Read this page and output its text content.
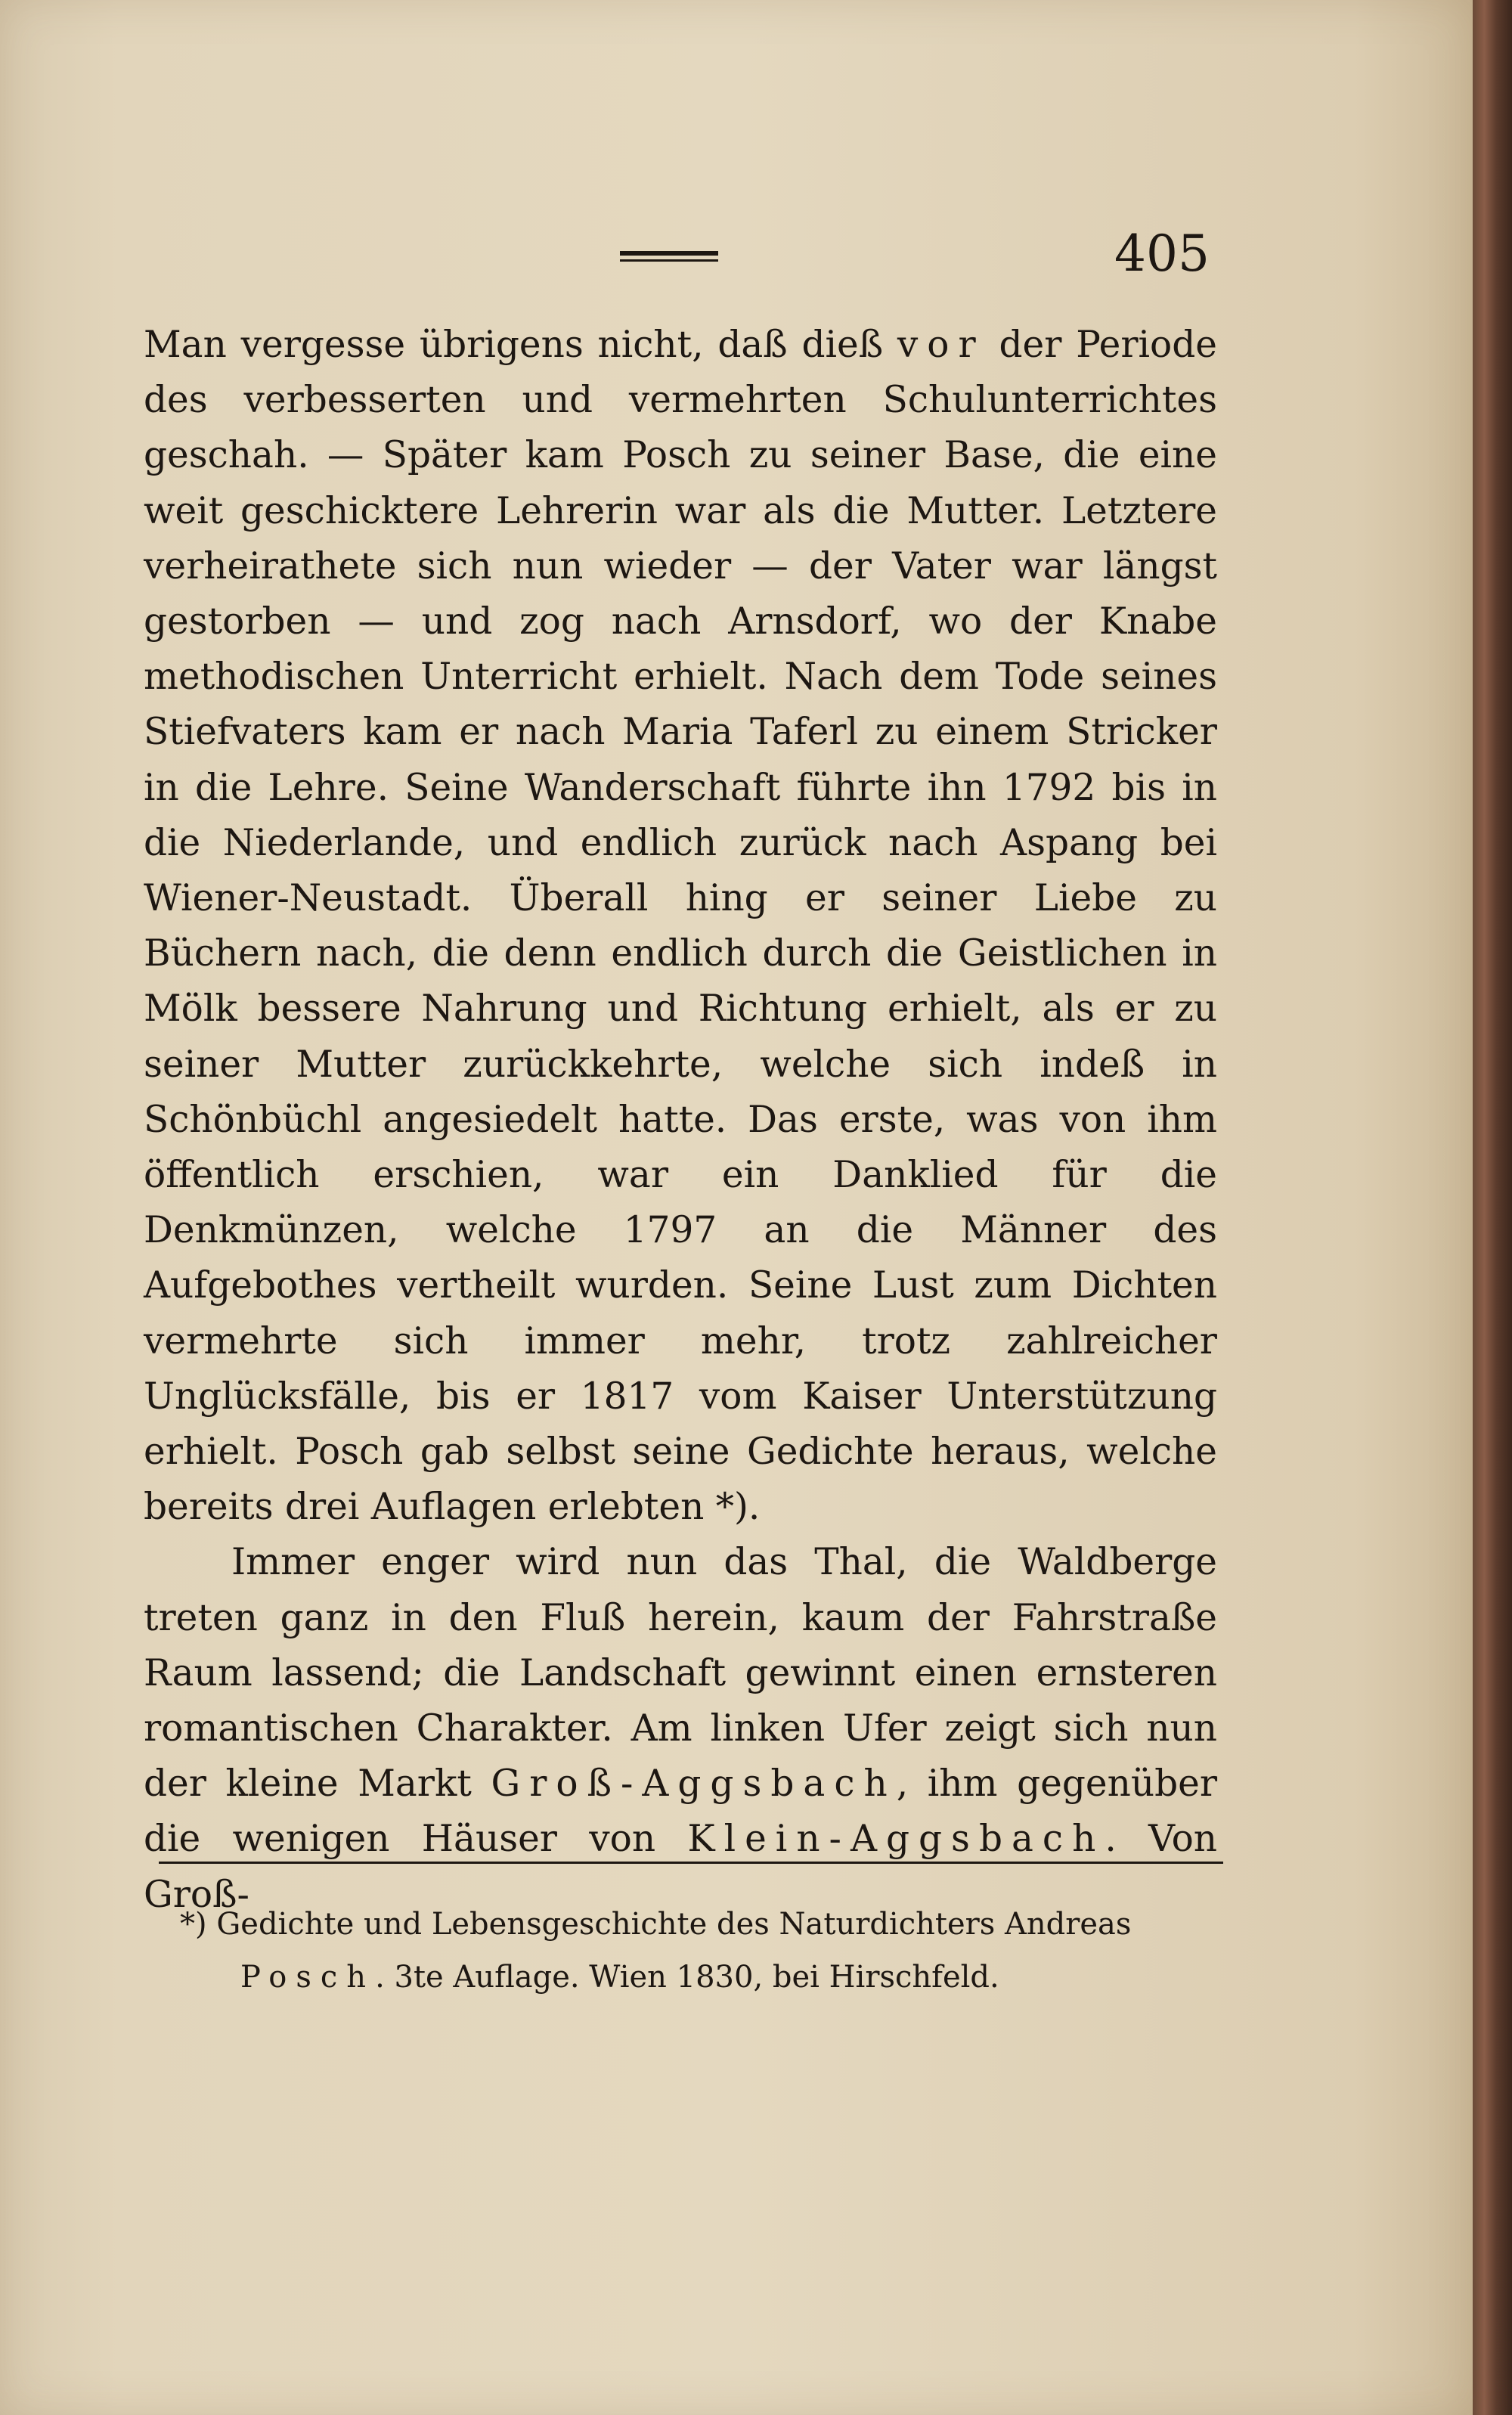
405

Man vergesse übrigens nicht, daß dieß vor der Periode des verbesserten und vermehrten Schulunterrichtes geschah. — Später kam Posch zu seiner Base, die eine weit geschicktere Lehrerin war als die Mutter. Letztere verheirathete sich nun wieder — der Vater war längst gestorben — und zog nach Arnsdorf, wo der Knabe methodischen Unterricht erhielt. Nach dem Tode seines Stiefvaters kam er nach Maria Taferl zu einem Stricker in die Lehre. Seine Wanderschaft führte ihn 1792 bis in die Niederlande, und endlich zurück nach Aspang bei Wiener-Neustadt. Überall hing er seiner Liebe zu Büchern nach, die denn endlich durch die Geistlichen in Mölk bessere Nahrung und Richtung erhielt, als er zu seiner Mutter zurückkehrte, welche sich indeß in Schönbüchl angesiedelt hatte. Das erste, was von ihm öffentlich erschien, war ein Danklied für die Denkmünzen, welche 1797 an die Männer des Aufgebothes vertheilt wurden. Seine Lust zum Dichten vermehrte sich immer mehr, trotz zahlreicher Unglücksfälle, bis er 1817 vom Kaiser Unterstützung erhielt. Posch gab selbst seine Gedichte heraus, welche bereits drei Auflagen erlebten *).

Immer enger wird nun das Thal, die Waldberge treten ganz in den Fluß herein, kaum der Fahrstraße Raum lassend; die Landschaft gewinnt einen ernsteren romantischen Charakter. Am linken Ufer zeigt sich nun der kleine Markt Groß-Aggsbach, ihm gegenüber die wenigen Häuser von Klein-Aggsbach. Von Groß-

*) Gedichte und Lebensgeschichte des Naturdichters Andreas

Posch. 3te Auflage. Wien 1830, bei Hirschfeld.
